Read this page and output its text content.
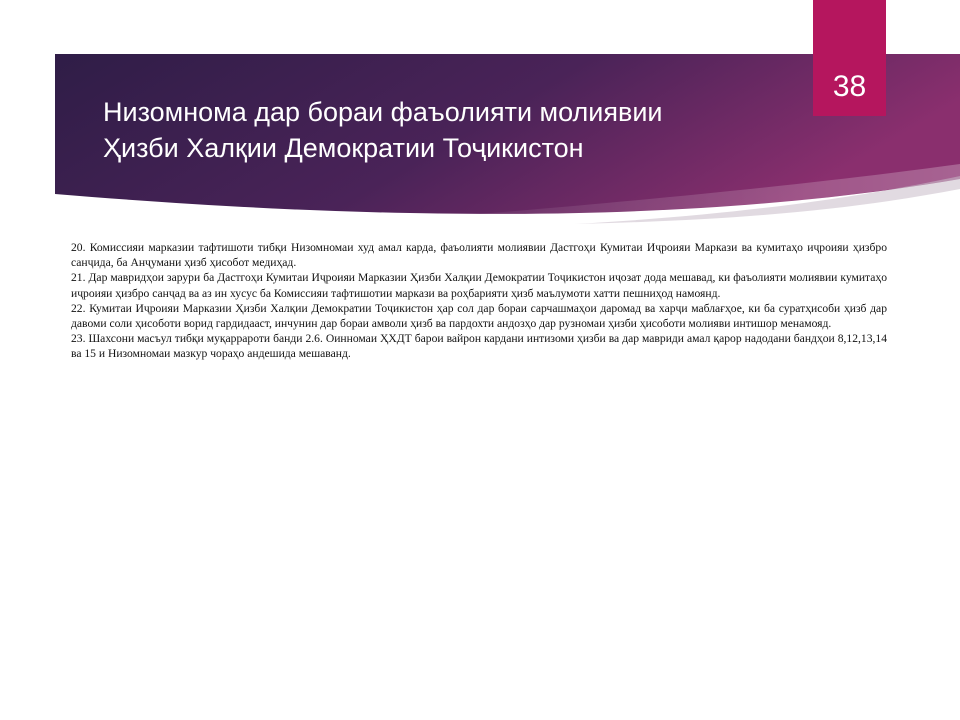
Низомнома дар бораи фаъолияти молиявии
Ҳизби Халқии Демократии Тоҷикистон
38

20. Комиссияи марказии тафтишоти тибқи Низомномаи худ амал карда, фаъолияти молиявии Дастгоҳи Кумитаи Иҷроияи Маркази ва кумитаҳо иҷроияи ҳизбро санҷида, ба Анҷумани ҳизб ҳисобот медиҳад.

21. Дар мавридҳои зарури ба Дастгоҳи Кумитаи Иҷроияи Марказии Ҳизби Халқии Демократии Тоҷикистон иҷозат дода мешавад, ки фаъолияти молиявии кумитаҳо иҷроияи ҳизбро санҷад ва аз ин хусус ба Комиссияи тафтишотии маркази ва роҳбарияти ҳизб маълумоти хатти пешниҳод намоянд.

22. Кумитаи Иҷроияи Марказии Ҳизби Халқии Демократии Тоҷикистон ҳар сол дар бораи сарчашмаҳои даромад ва харҷи маблағҳое, ки ба суратҳисоби ҳизб дар давоми соли ҳисоботи ворид гардидааст, инчунин дар бораи амволи ҳизб ва пардохти андозҳо дар рузномаи ҳизби ҳисоботи молияви интишор менамояд.

23. Шахсони масъул тибқи муқаррароти банди 2.6. Оинномаи ҲХДТ барои вайрон кардани интизоми ҳизби ва дар мавриди амал қарор надодани бандҳои 8,12,13,14 ва 15 и Низомномаи мазкур чораҳо андешида мешаванд.
